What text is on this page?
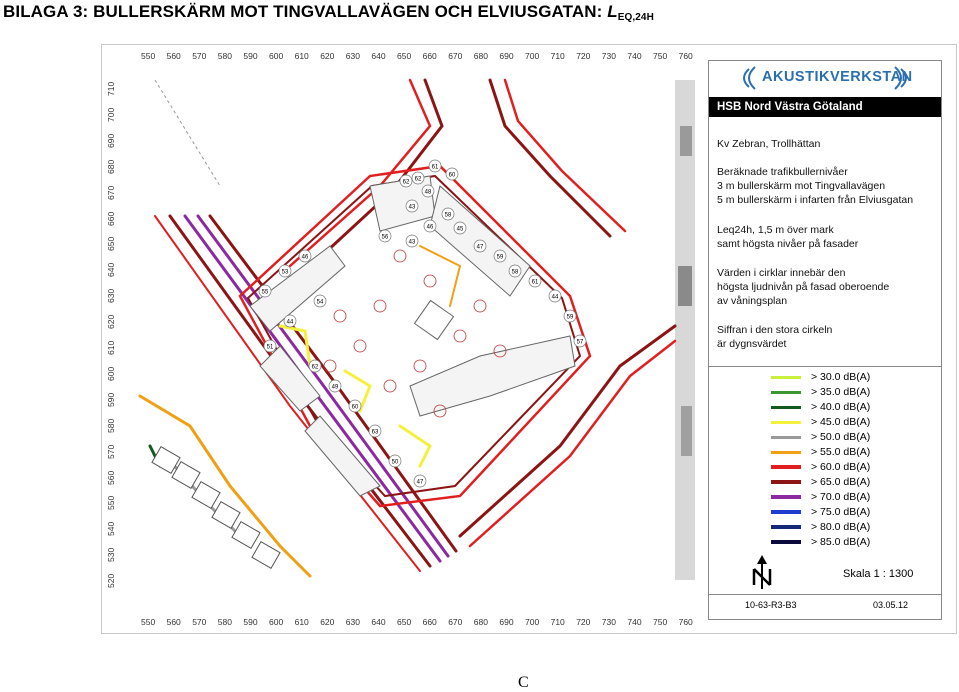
BILAGA 3: BULLERSKÄRM MOT TINGVALLAVÄGEN OCH ELVIUSGATAN: $L_{EQ,24H}$
550 560 570 580 590 600 610 620 630 640 650 660 670 680 690 700 710 720 730 740 750 760
550 560 570 580 590 600 610 620 630 640 650 660 670 680 690 700 710 720 730 740 750 760
710
700
690
680
670
660
650
640
630
620
610
600
590
580
570
560
550
540
530
520
61
62
60
48
62
43
46
58
56
43
47
45
59
58
61
44
59
57
55
53
46
54
44
51
62
49
60
63
50
47
AKUSTIKVERKSTAN
HSB Nord Västra Götaland
Kv Zebran, Trollhättan
Beräknade trafikbullernivåer
3 m bullerskärm mot Tingvallavägen
5 m bullerskärm i infarten från Elviusgatan
Leq24h, 1,5 m över mark
samt högsta nivåer på fasader
Värden i cirklar innebär den
högsta ljudnivån på fasad oberoende
av våningsplan
Siffran i den stora cirkeln
är dygnsvärdet
> 30.0 dB(A)
> 35.0 dB(A)
> 40.0 dB(A)
> 45.0 dB(A)
> 50.0 dB(A)
> 55.0 dB(A)
> 60.0 dB(A)
> 65.0 dB(A)
> 70.0 dB(A)
> 75.0 dB(A)
> 80.0 dB(A)
> 85.0 dB(A)
Skala 1 : 1300
10-63-R3-B3	03.05.12
C
